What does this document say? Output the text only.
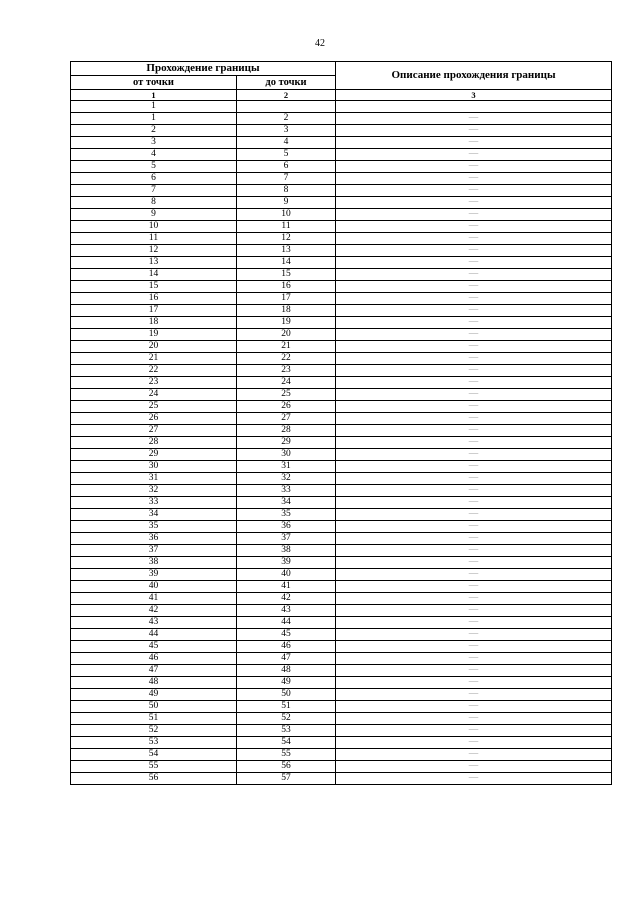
42
Прохождение границы		Описание прохождения границы
от точки	до точки	
1	2	3
1		
1	2	—
2	3	—
3	4	—
4	5	—
5	6	—
6	7	—
7	8	—
8	9	—
9	10	—
10	11	—
11	12	—
12	13	—
13	14	—
14	15	—
15	16	—
16	17	—
17	18	—
18	19	—
19	20	—
20	21	—
21	22	—
22	23	—
23	24	—
24	25	—
25	26	—
26	27	—
27	28	—
28	29	—
29	30	—
30	31	—
31	32	—
32	33	—
33	34	—
34	35	—
35	36	—
36	37	—
37	38	—
38	39	—
39	40	—
40	41	—
41	42	—
42	43	—
43	44	—
44	45	—
45	46	—
46	47	—
47	48	—
48	49	—
49	50	—
50	51	—
51	52	—
52	53	—
53	54	—
54	55	—
55	56	—
56	57	—
